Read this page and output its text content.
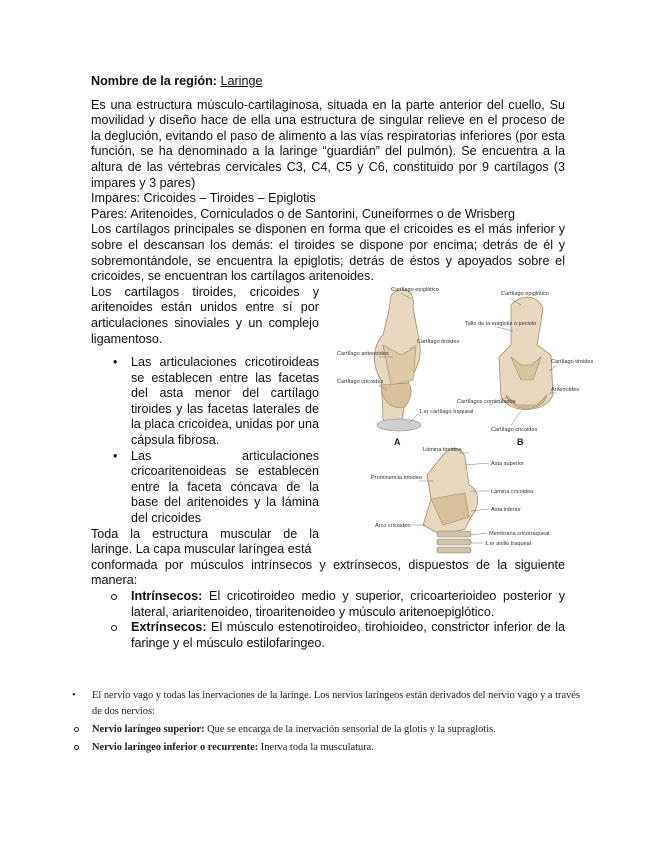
Nombre de la región: Laringe

Es una estructura músculo-cartilaginosa, situada en la parte anterior del cuello, Su movilidad y diseño hace de ella una estructura de singular relieve en el proceso de la deglución, evitando el paso de alimento a las vías respiratorias inferiores (por esta función, se ha denominado a la laringe “guardián” del pulmón). Se encuentra a la altura de las vértebras cervicales C3, C4, C5 y C6, constituido por 9 cartílagos (3 impares y 3 pares)

Impares: Cricoides – Tiroides – Epiglotis

Pares: Aritenoides, Corniculados o de Santorini, Cuneiformes o de Wrisberg

Los cartílagos principales se disponen en forma que el cricoides es el más inferior y sobre el descansan los demás: el tiroides se dispone por encima; detrás de él y sobremontándole, se encuentra la epiglotis; detrás de éstos y apoyados sobre el cricoides, se encuentran los cartílagos aritenoides.

Los cartílagos tiroides, cricoides y aritenoides están unidos entre sí por articulaciones sinoviales y un complejo ligamentoso.

• Las articulaciones cricotiroideas se establecen entre las facetas del asta menor del cartílago tiroides y las facetas laterales de la placa cricoidea, unidas por una cápsula fibrosa.
• Las articulaciones cricoaritenoideas se establecen entre la faceta cóncava de la base del aritenoides y la lámina del cricoides

Toda la estructura muscular de la laringe. La capa muscular laríngea está

Cartílago epiglótico
Cartílago aritenoides
Cartílago tiroides
Cartílago cricoides
1.er cartílago traqueal
A
Cartílago epiglótico
Tallo de la epiglotis o peciolo
Cartílago tiroides
Aritenoides
Cartílagos corniculados
Cartílago cricoides
B
Lámina tiroidea
Asta superior
Prominencia tiroidea
Lámina cricoidea
Asta inferior
Arco cricoideo
Membrana cricotraqueal
1.er anillo traqueal

conformada por músculos intrínsecos y extrínsecos, dispuestos de la siguiente manera:

Intrínsecos: El cricotiroideo medio y superior, cricoarterioideo posterior y lateral, ariaritenoideo, tiroaritenoideo y músculo aritenoepiglótico.
Extrínsecos: El músculo estenotiroideo, tirohioideo, constrictor inferior de la faringe y el músculo estilofaringeo.
• El nervio vago y todas las inervaciones de la laringe. Los nervios laríngeos están derivados del nervio vago y a través de dos nervios:
Nervio laríngeo superior: Que se encarga de la inervación sensorial de la glotis y la supraglotis.
Nervio laríngeo inferior o recurrente: Inerva toda la musculatura.
